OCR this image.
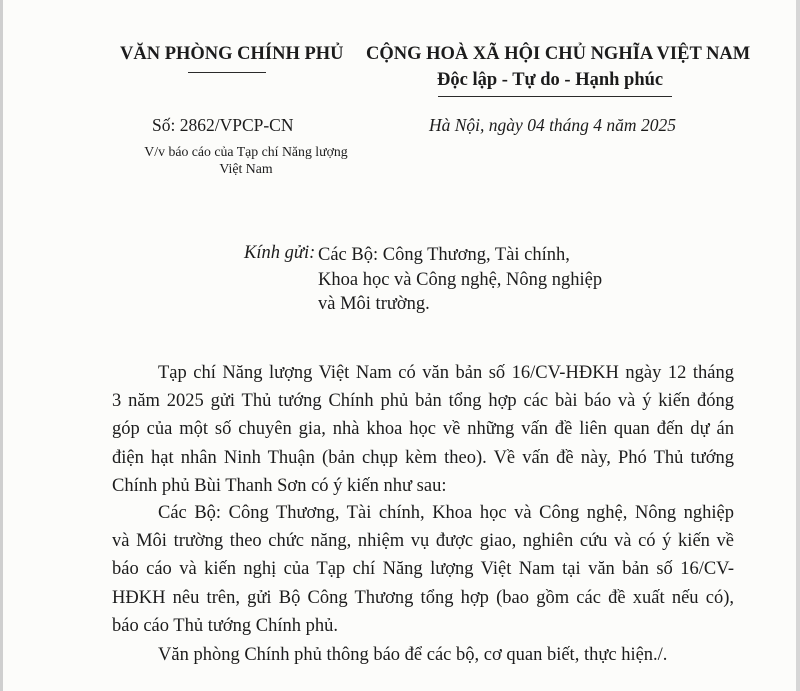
VĂN PHÒNG CHÍNH PHỦ CỘNG HOÀ XÃ HỘI CHỦ NGHĨA VIỆT NAM
Độc lập - Tự do - Hạnh phúc
Số: 2862/VPCP-CN	Hà Nội, ngày 04 tháng 4 năm 2025
V/v báo cáo của Tạp chí Năng lượng
Việt Nam
Kính gửi: Các Bộ: Công Thương, Tài chính,
Khoa học và Công nghệ, Nông nghiệp
và Môi trường.
Tạp chí Năng lượng Việt Nam có văn bản số 16/CV-HĐKH ngày 12 tháng
3 năm 2025 gửi Thủ tướng Chính phủ bản tổng hợp các bài báo và ý kiến đóng
góp của một số chuyên gia, nhà khoa học về những vấn đề liên quan đến dự án
điện hạt nhân Ninh Thuận (bản chụp kèm theo). Về vấn đề này, Phó Thủ tướng
Chính phủ Bùi Thanh Sơn có ý kiến như sau:
Các Bộ: Công Thương, Tài chính, Khoa học và Công nghệ, Nông nghiệp
và Môi trường theo chức năng, nhiệm vụ được giao, nghiên cứu và có ý kiến về
báo cáo và kiến nghị của Tạp chí Năng lượng Việt Nam tại văn bản số 16/CV-
HĐKH nêu trên, gửi Bộ Công Thương tổng hợp (bao gồm các đề xuất nếu có),
báo cáo Thủ tướng Chính phủ.
Văn phòng Chính phủ thông báo để các bộ, cơ quan biết, thực hiện./.
